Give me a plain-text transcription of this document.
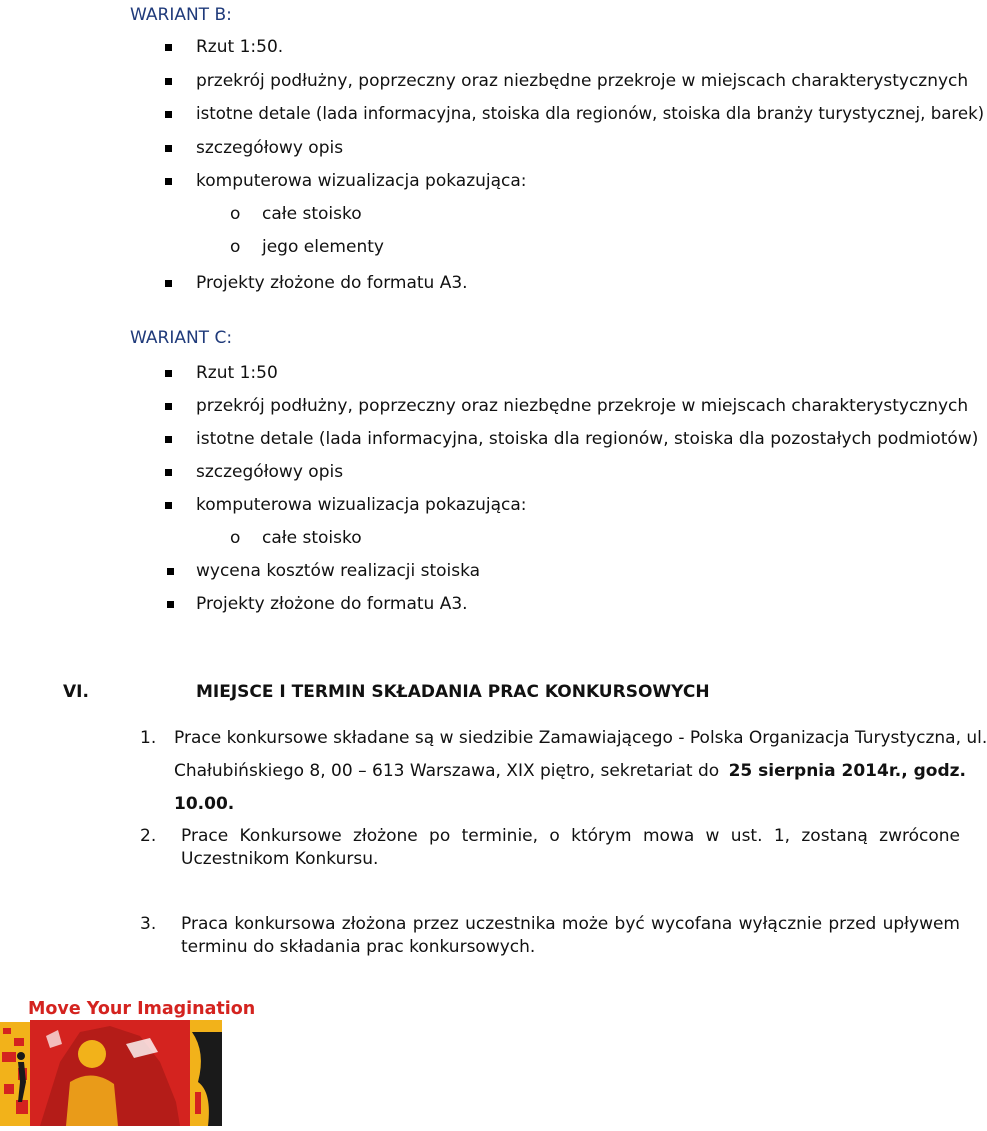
WARIANT B:
Rzut 1:50.
przekrój podłużny, poprzeczny oraz niezbędne przekroje w miejscach charakterystycznych
istotne detale (lada informacyjna, stoiska dla regionów, stoiska dla branży turystycznej, barek)
szczegółowy opis
komputerowa wizualizacja pokazująca:
o całe stoisko
o jego elementy
Projekty złożone do formatu A3.
WARIANT C:
Rzut 1:50
przekrój podłużny, poprzeczny oraz niezbędne przekroje w miejscach charakterystycznych
istotne detale (lada informacyjna, stoiska dla regionów, stoiska dla pozostałych podmiotów)
szczegółowy opis
komputerowa wizualizacja pokazująca:
o całe stoisko
wycena kosztów realizacji stoiska
Projekty złożone do formatu A3.
VI.	MIEJSCE I TERMIN SKŁADANIA PRAC KONKURSOWYCH
1. Prace konkursowe składane są w siedzibie Zamawiającego - Polska Organizacja Turystyczna, ul.
Chałubińskiego 8, 00 – 613 Warszawa, XIX piętro, sekretariat do 25 sierpnia 2014r., godz.
10.00.
2. Prace Konkursowe złożone po terminie, o którym mowa w ust. 1, zostaną zwrócone
Uczestnikom Konkursu.
3. Praca konkursowa złożona przez uczestnika może być wycofana wyłącznie przed upływem
terminu do składania prac konkursowych.
Move Your Imagination
